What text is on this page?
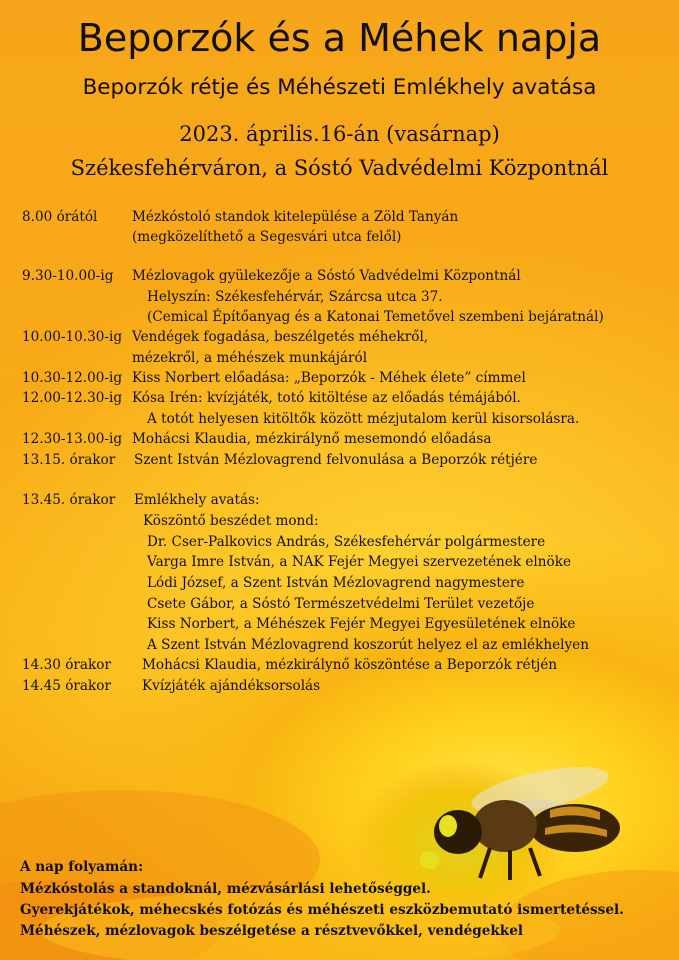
Beporzók és a Méhek napja
Beporzók rétje és Méhészeti Emlékhely avatása
2023. április.16-án (vasárnap)
Székesfehérváron, a Sóstó Vadvédelmi Központnál
8.00 órától	Mézkóstoló standok kitelepülése a Zöld Tanyán
(megközelíthető a Segesvári utca felől)
9.30-10.00-ig Mézlovagok gyülekezője a Sóstó Vadvédelmi Központnál
Helyszín: Székesfehérvár, Szárcsa utca 37.
(Cemical Építőanyag és a Katonai Temetővel szembeni bejáratnál)
10.00-10.30-ig Vendégek fogadása, beszélgetés méhekről,
mézekről, a méhészek munkájáról
10.30-12.00-ig Kiss Norbert előadása: „Beporzók - Méhek élete” címmel
12.00-12.30-ig Kósa Irén: kvízjáték, totó kitöltése az előadás témájából.
A totót helyesen kitöltők között mézjutalom kerül kisorsolásra.
12.30-13.00-ig Mohácsi Klaudia, mézkirálynő mesemondó előadása
13.15. órakor Szent István Mézlovagrend felvonulása a Beporzók rétjére
13.45. órakor Emlékhely avatás:
Köszöntő beszédet mond:
Dr. Cser-Palkovics András, Székesfehérvár polgármestere
Varga Imre István, a NAK Fejér Megyei szervezetének elnöke
Lódi József, a Szent István Mézlovagrend nagymestere
Csete Gábor, a Sóstó Természetvédelmi Terület vezetője
Kiss Norbert, a Méhészek Fejér Megyei Egyesületének elnöke
A Szent István Mézlovagrend koszorút helyez el az emlékhelyen
14.30 órakor Mohácsi Klaudia, mézkirálynő köszöntése a Beporzók rétjén
14.45 órakor Kvízjáték ajándéksorsolás
A nap folyamán:
Mézkóstolás a standoknál, mézvásárlási lehetőséggel.
Gyerekjátékok, méhecskés fotózás és méhészeti eszközbemutató ismertetéssel.
Méhészek, mézlovagok beszélgetése a résztvevőkkel, vendégekkel
